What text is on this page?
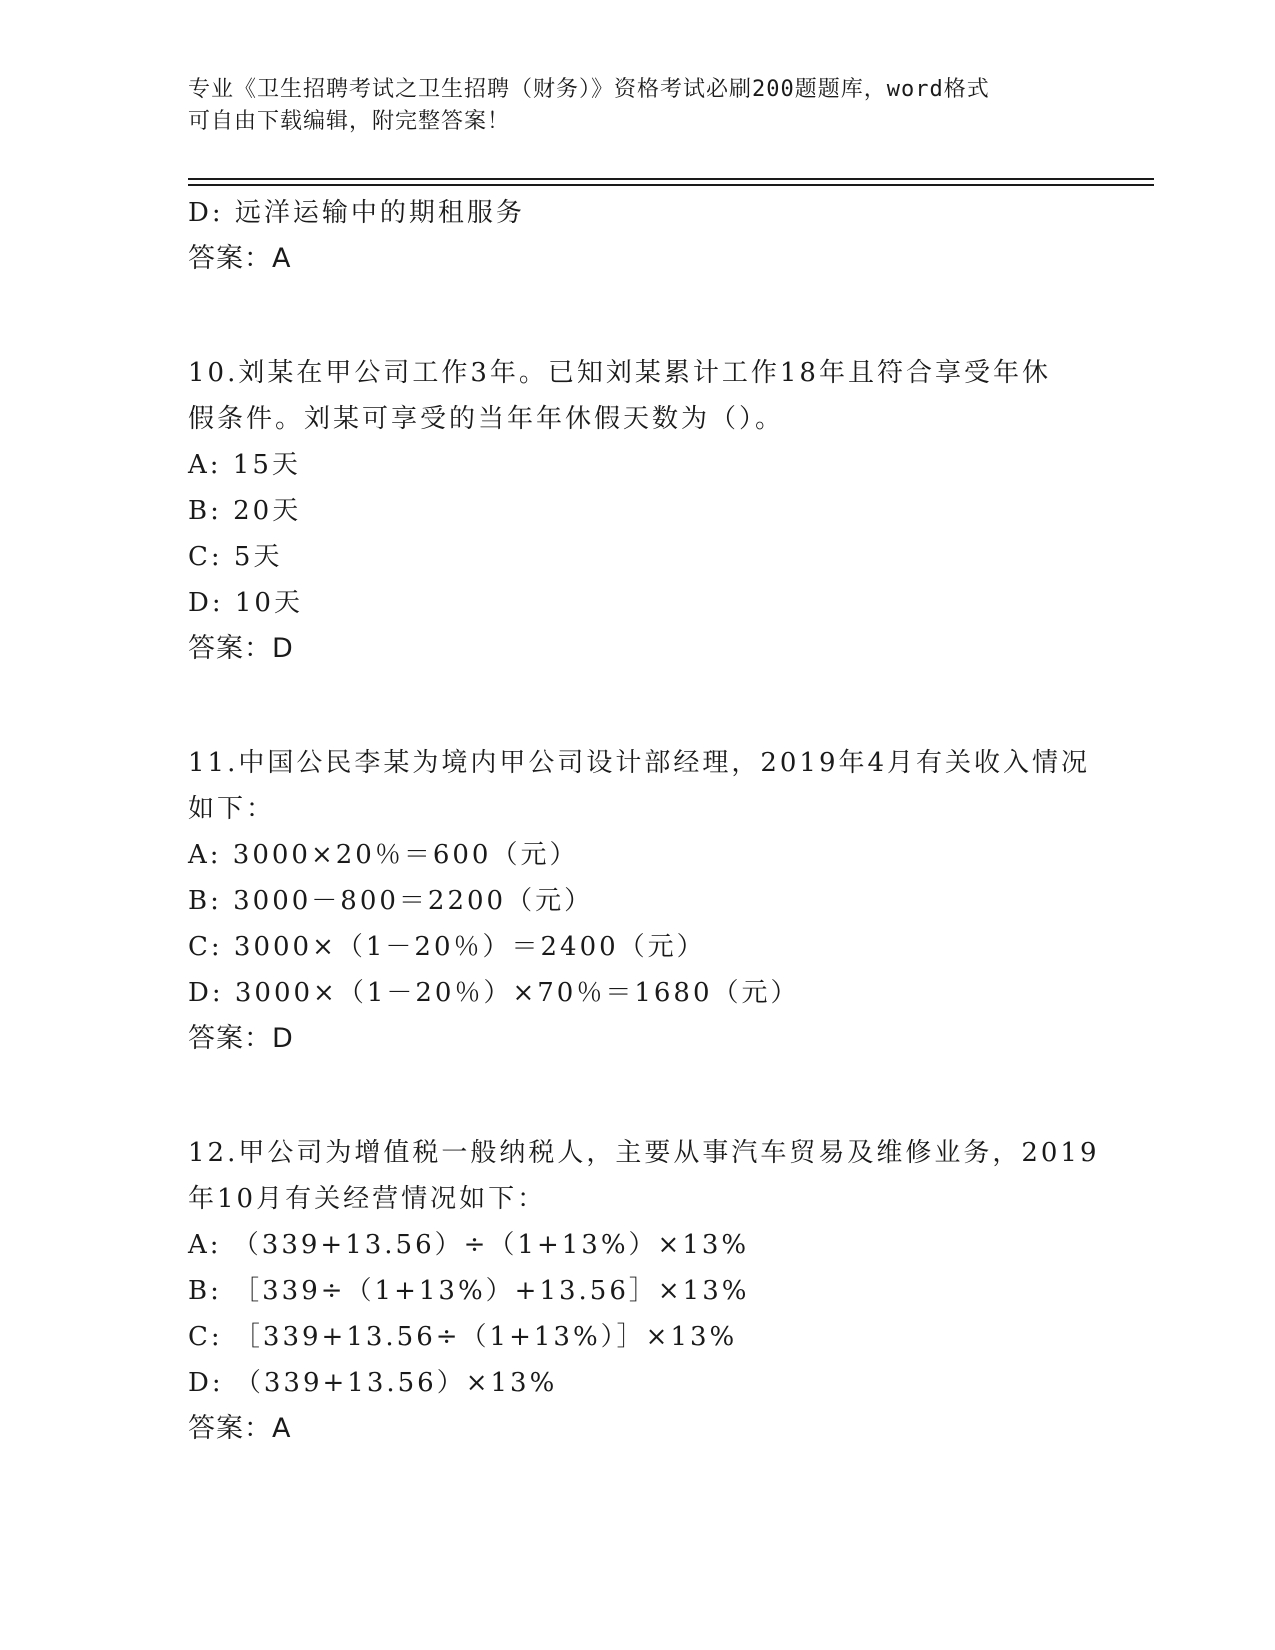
专业《卫生招聘考试之卫生招聘（财务）》资格考试必刷200题题库，word格式
可自由下载编辑，附完整答案！
D: 远洋运输中的期租服务
答案：A
10.刘某在甲公司工作3年。已知刘某累计工作18年且符合享受年休
假条件。刘某可享受的当年年休假天数为（）。
A: 15天
B: 20天
C: 5天
D: 10天
答案：D
11.中国公民李某为境内甲公司设计部经理，2019年4月有关收入情况
如下：
A: 3000×20％＝600（元）
B: 3000－800＝2200（元）
C: 3000×（1－20％）＝2400（元）
D: 3000×（1－20％）×70％＝1680（元）
答案：D
12.甲公司为增值税一般纳税人，主要从事汽车贸易及维修业务，2019
年10月有关经营情况如下：
A: （339+13.56）÷（1+13%）×13%
B: ［339÷（1+13%）+13.56］×13%
C: ［339+13.56÷（1+13%）］×13%
D: （339+13.56）×13%
答案：A
